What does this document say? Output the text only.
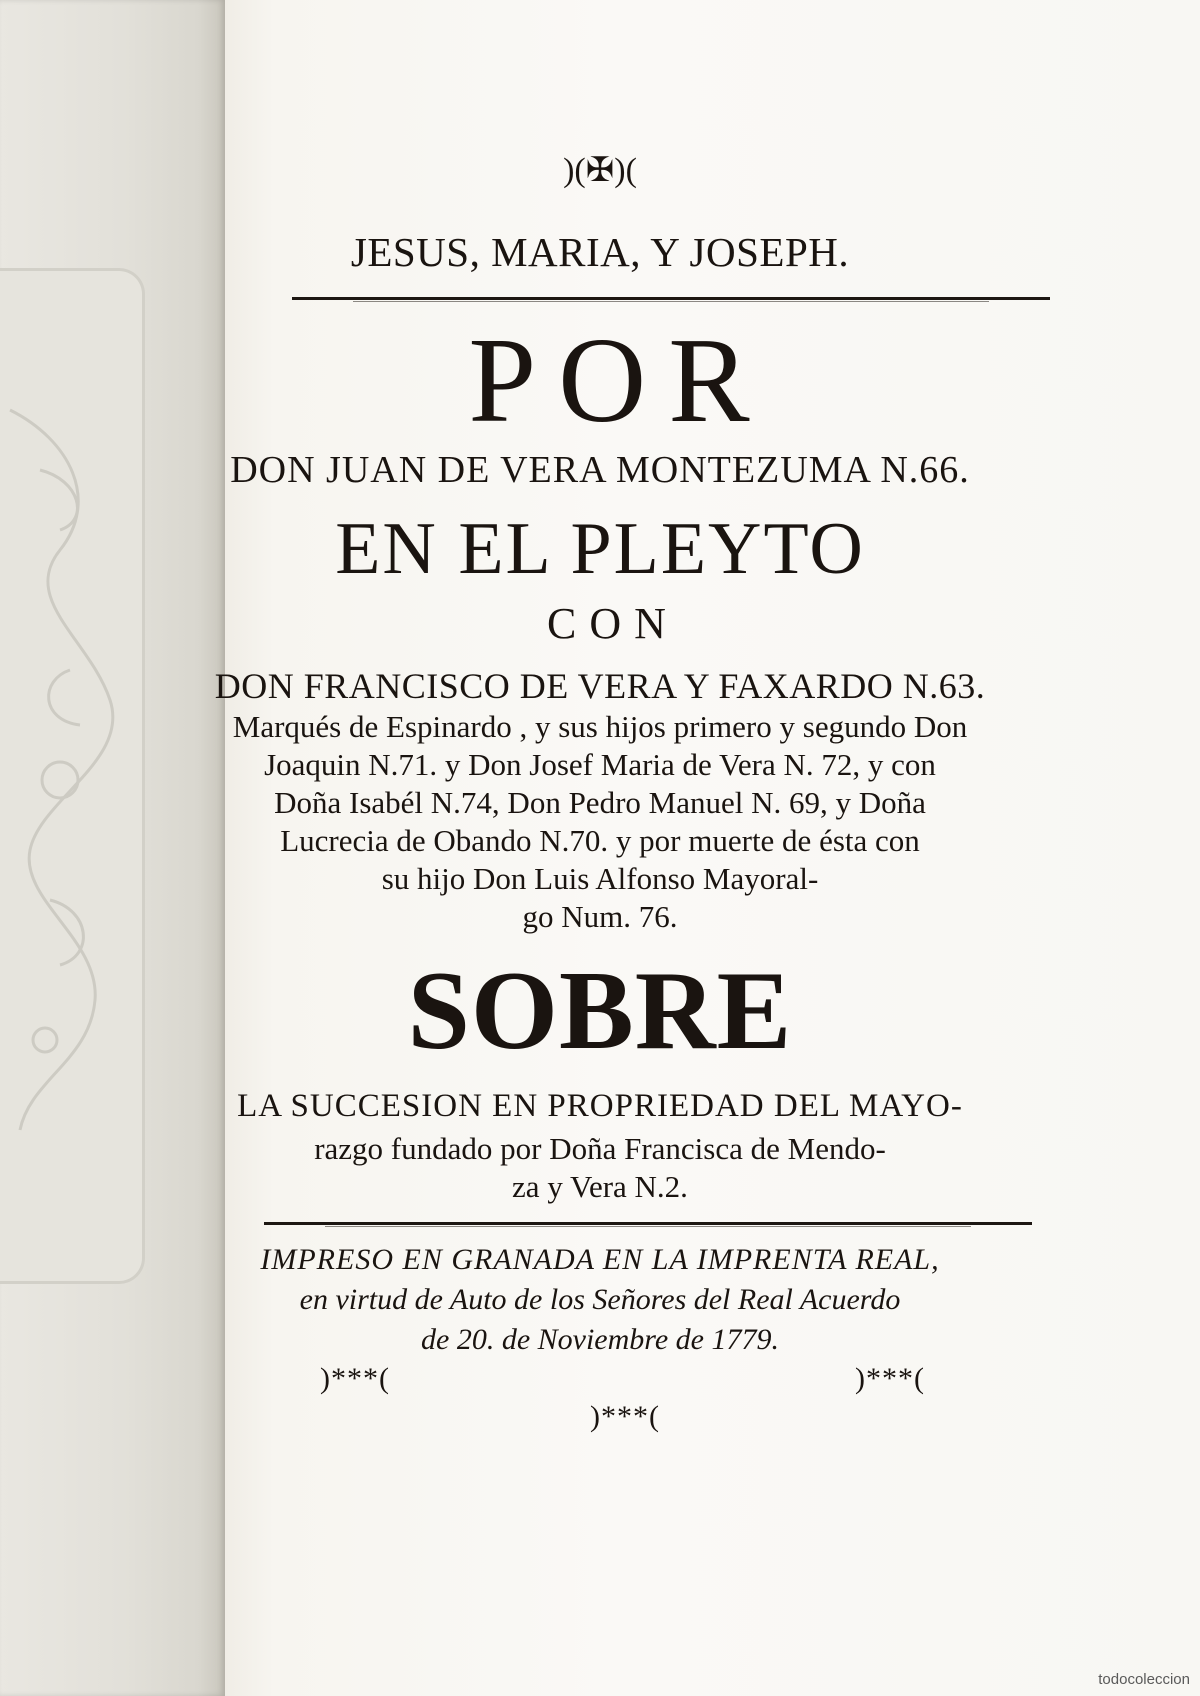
)(✠)(
JESUS, MARIA, Y JOSEPH.
POR
DON JUAN DE VERA MONTEZUMA N.66.
EN EL PLEYTO
CON
DON FRANCISCO DE VERA Y FAXARDO N.63.
Marqués de Espinardo , y sus hijos primero y segundo Don
Joaquin N.71. y Don Josef Maria de Vera N. 72, y con
Doña Isabél N.74, Don Pedro Manuel N. 69, y Doña
Lucrecia de Obando N.70. y por muerte de ésta con
su hijo Don Luis Alfonso Mayoral-
go Num. 76.
SOBRE
LA SUCCESION EN PROPRIEDAD DEL MAYO-
razgo fundado por Doña Francisca de Mendo-
za y Vera N.2.
IMPRESO EN GRANADA EN LA IMPRENTA REAL,
en virtud de Auto de los Señores del Real Acuerdo
de 20. de Noviembre de 1779.
)***(	)***(
)***(
todocoleccion
